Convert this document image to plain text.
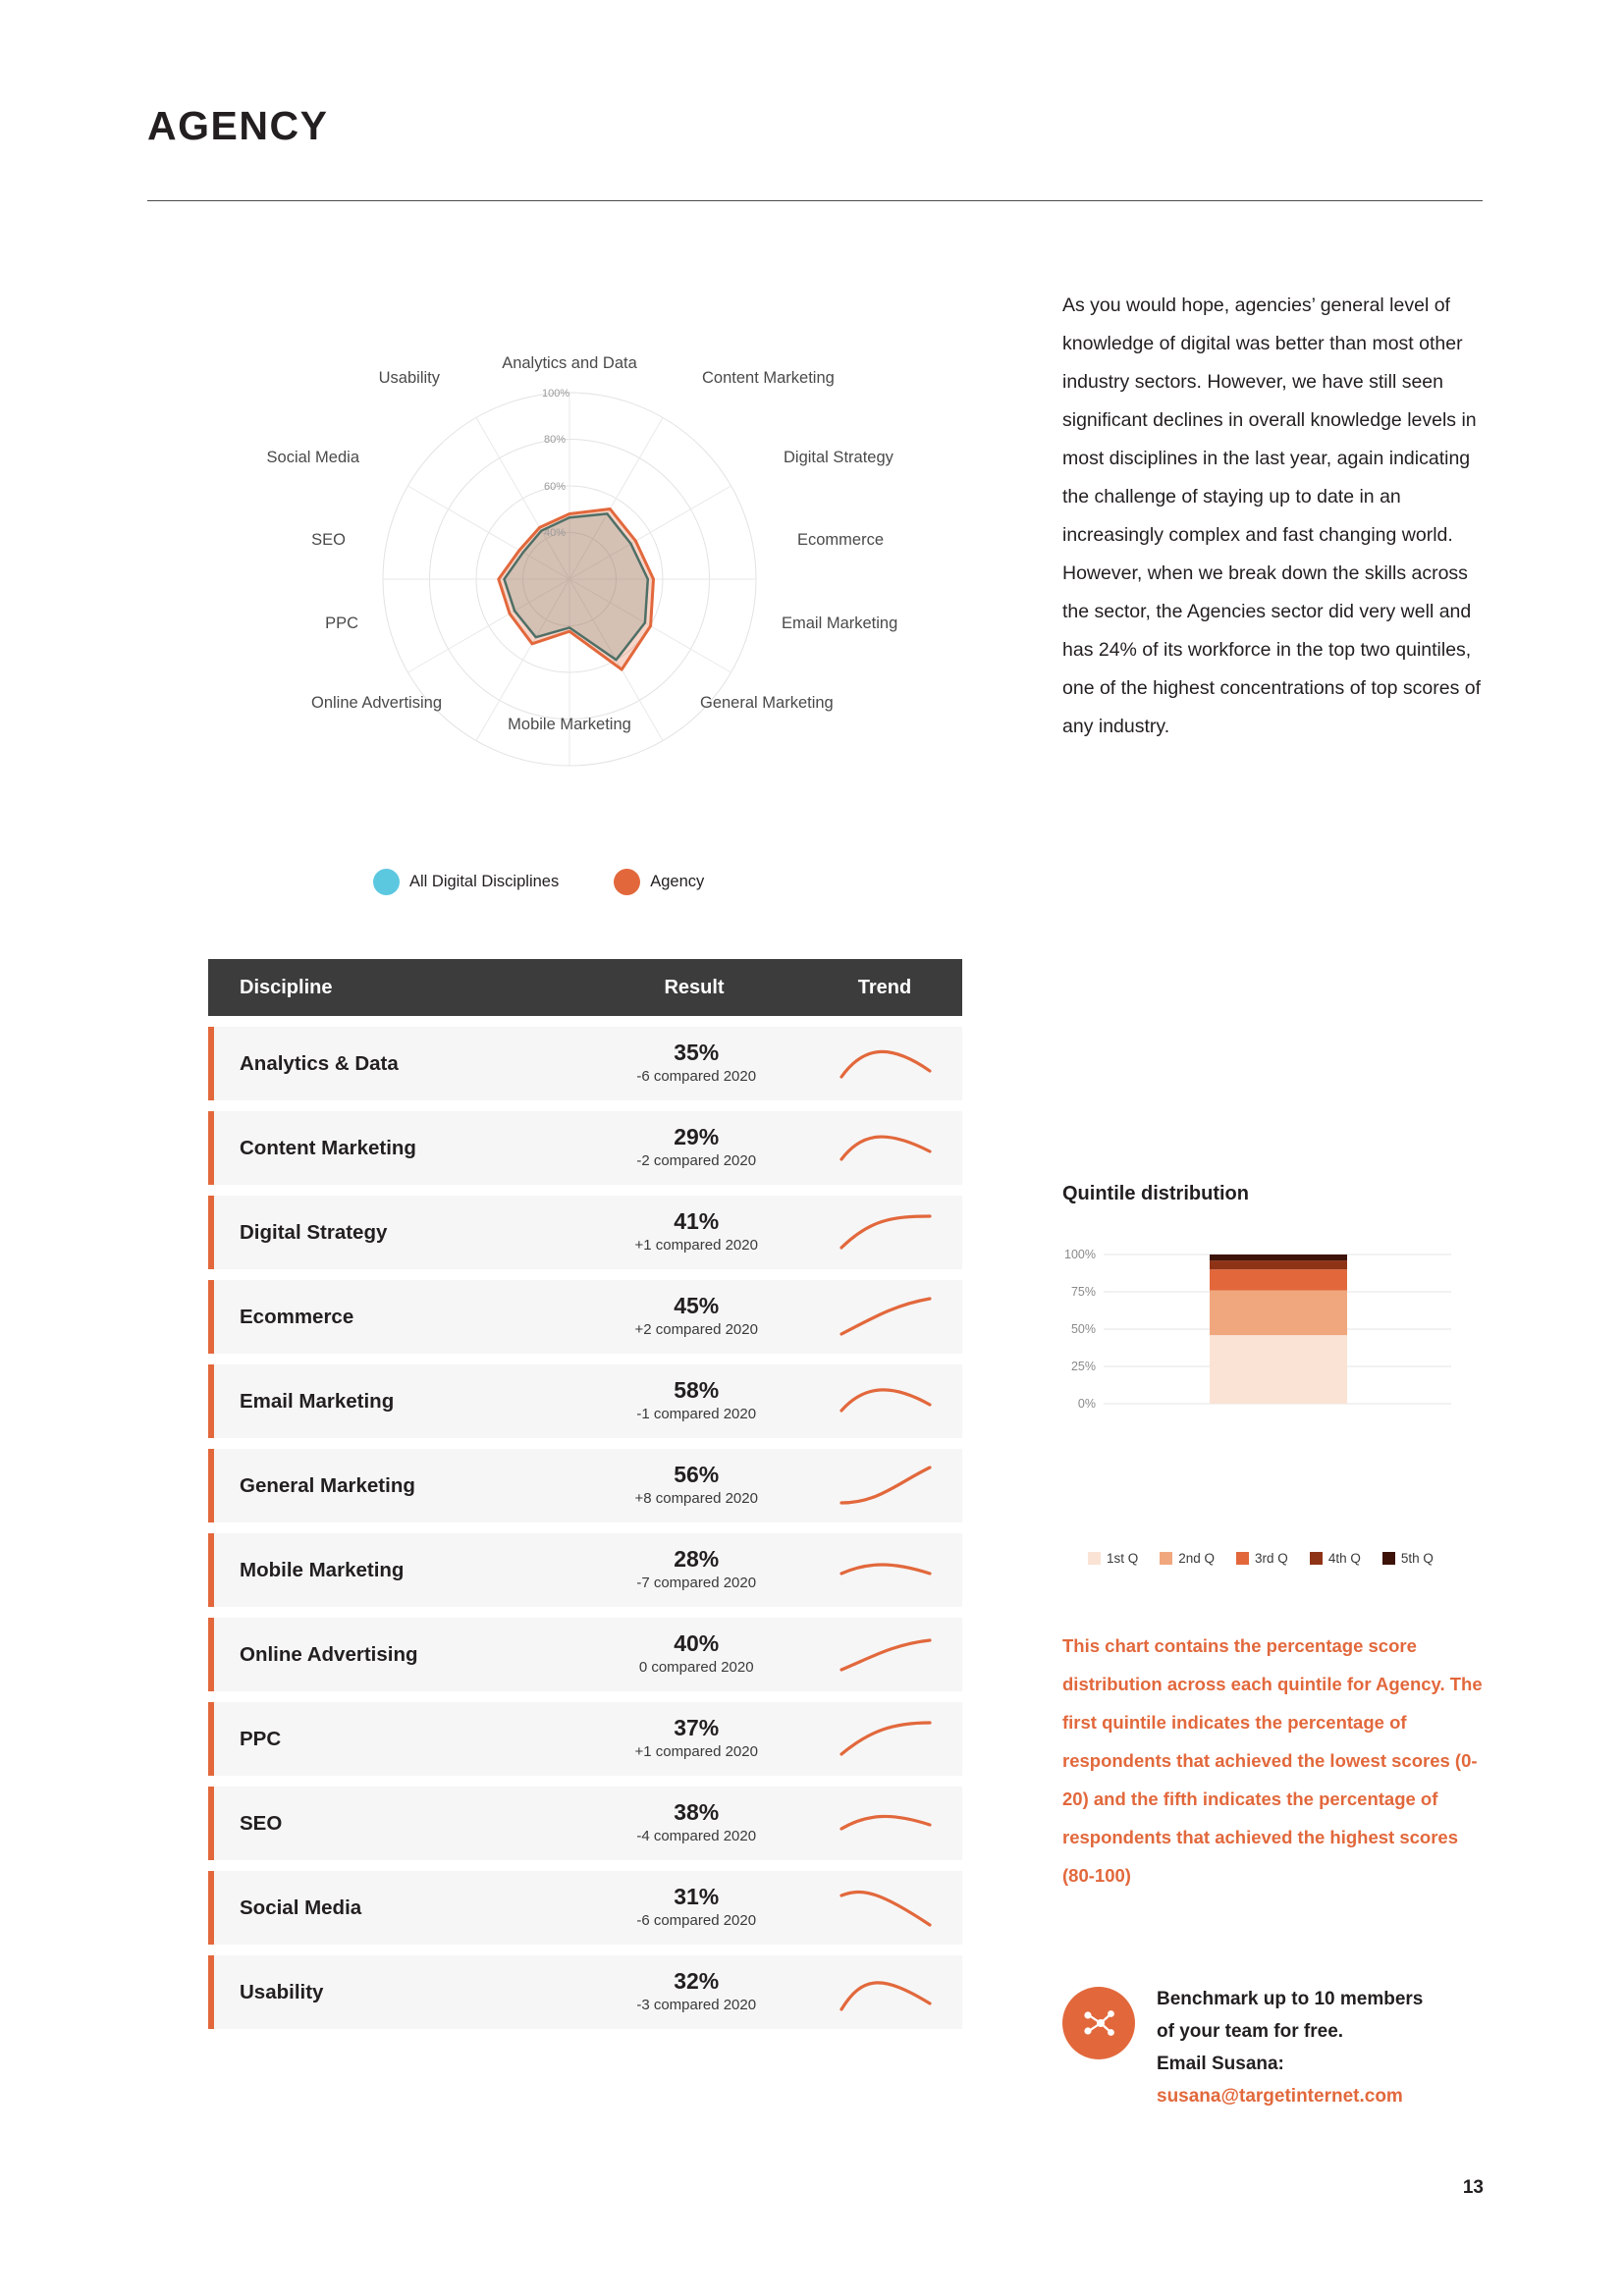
AGENCY
100%
80%
60%
40%
Analytics and Data
Content Marketing
Digital Strategy
Ecommerce
Email Marketing
General Marketing
Mobile Marketing
Online Advertising
PPC
SEO
Social Media
Usability
All Digital Disciplines	Agency
As you would hope, agencies’ general level of knowledge of digital was better than most other industry sectors. However, we have still seen significant declines in overall knowledge levels in most disciplines in the last year, again indicating the challenge of staying up to date in an increasingly complex and fast changing world. However, when we break down the skills across the sector, the Agencies sector did very well and has 24% of its workforce in the top two quintiles, one of the highest concentrations of top scores of any industry.
Discipline	Result	Trend
Analytics & Data	35%
-6 compared 2020
Content Marketing	29%
-2 compared 2020
Digital Strategy	41%
+1 compared 2020
Ecommerce	45%
+2 compared 2020
Email Marketing	58%
-1 compared 2020
General Marketing	56%
+8 compared 2020
Mobile Marketing	28%
-7 compared 2020
Online Advertising	40%
0 compared 2020
PPC	37%
+1 compared 2020
SEO	38%
-4 compared 2020
Social Media	31%
-6 compared 2020
Usability	32%
-3 compared 2020
Quintile distribution
100%
75%
50%
25%
0%
1st Q	2nd Q	3rd Q	4th Q	5th Q
This chart contains the percentage score distribution across each quintile for Agency. The first quintile indicates the percentage of respondents that achieved the lowest scores (0-20) and the fifth indicates the percentage of respondents that achieved the highest scores (80-100)
Benchmark up to 10 members
of your team for free.
Email Susana:
susana@targetinternet.com
13
